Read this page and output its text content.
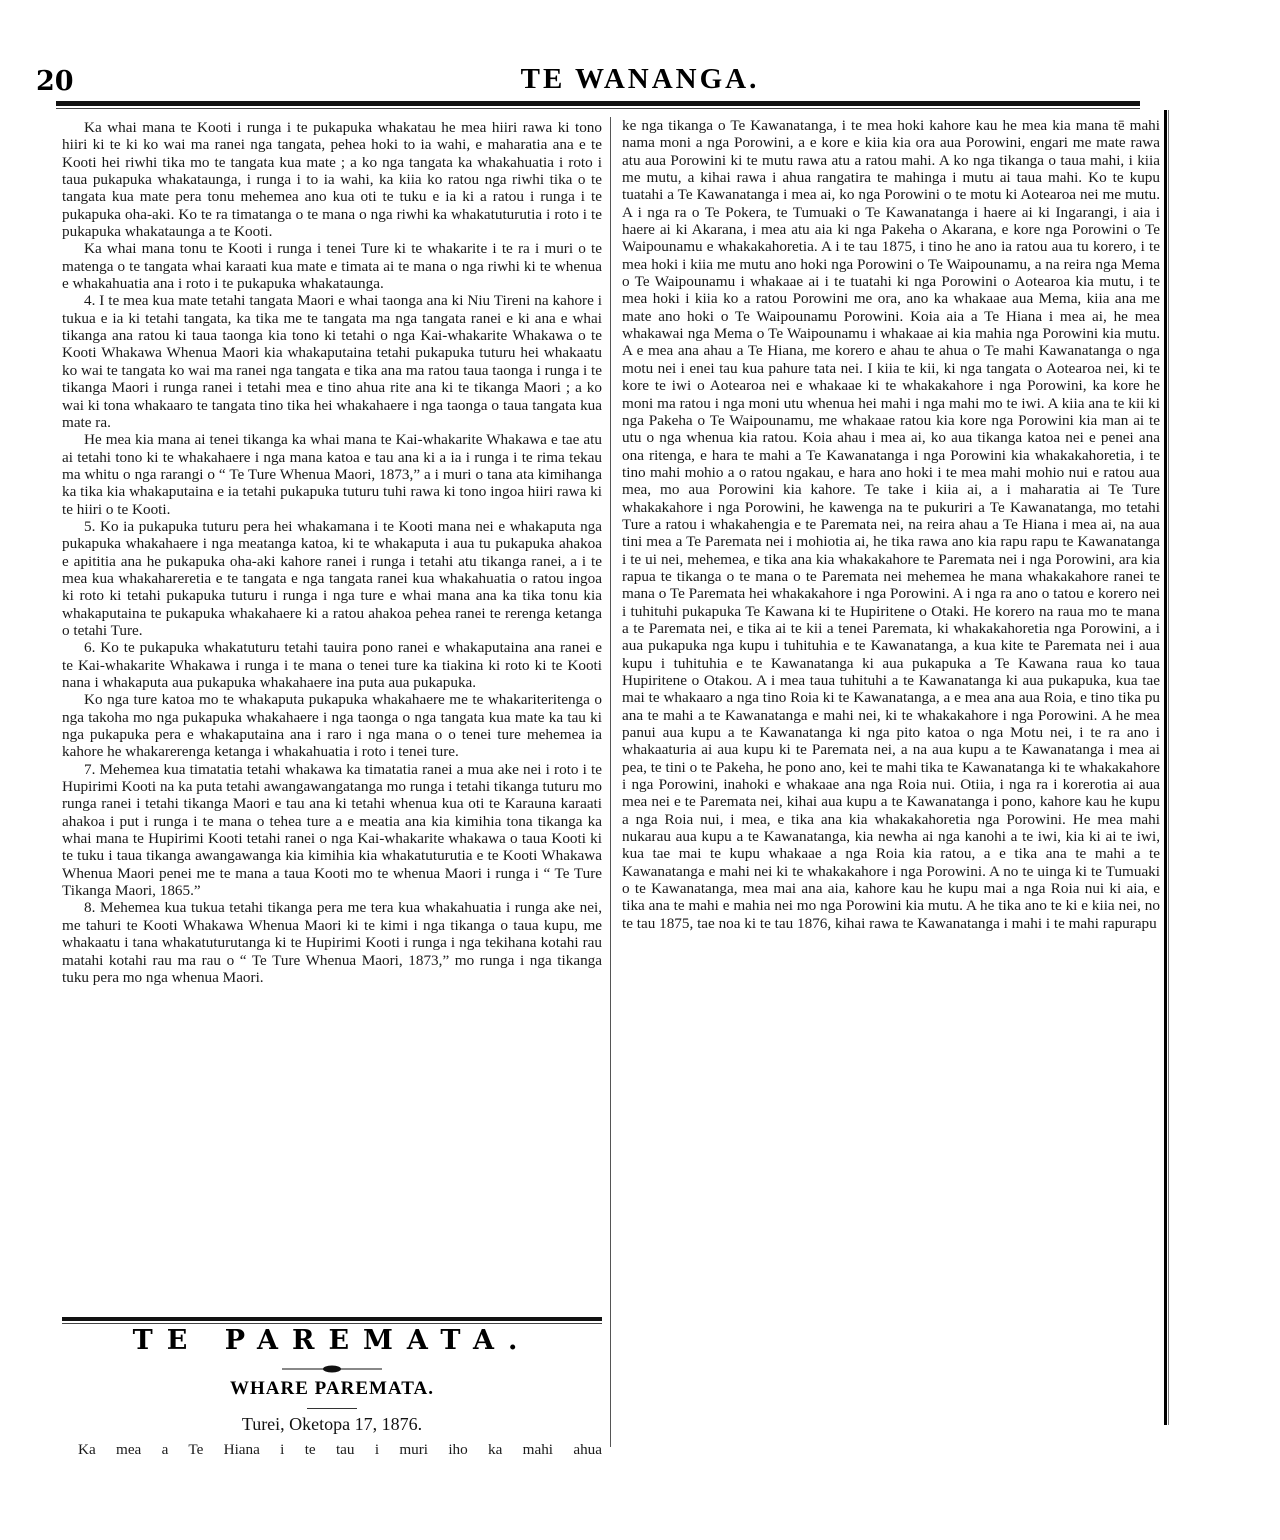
20	TE WANANGA.

Ka whai mana te Kooti i runga i te pukapuka whakatau he mea hiiri rawa ki tono hiiri ki te ki ko wai ma ranei nga tangata, pehea hoki to ia wahi, e maharatia ana e te Kooti hei riwhi tika mo te tangata kua mate ; a ko nga tangata ka whakahuatia i roto i taua pukapuka whakataunga, i runga i to ia wahi, ka kiia ko ratou nga riwhi tika o te tangata kua mate pera tonu mehemea ano kua oti te tuku e ia ki a ratou i runga i te pukapuka oha-aki. Ko te ra timatanga o te mana o nga riwhi ka whakatuturutia i roto i te pukapuka whakataunga a te Kooti.

Ka whai mana tonu te Kooti i runga i tenei Ture ki te whakarite i te ra i muri o te matenga o te tangata whai karaati kua mate e timata ai te mana o nga riwhi ki te whenua e whakahuatia ana i roto i te pukapuka whakataunga.

4. I te mea kua mate tetahi tangata Maori e whai taonga ana ki Niu Tireni na kahore i tukua e ia ki tetahi tangata, ka tika me te tangata ma nga tangata ranei e ki ana e whai tikanga ana ratou ki taua taonga kia tono ki tetahi o nga Kai-whakarite Whakawa o te Kooti Whakawa Whenua Maori kia whakaputaina tetahi pukapuka tuturu hei whakaatu ko wai te tangata ko wai ma ranei nga tangata e tika ana ma ratou taua taonga i runga i te tikanga Maori i runga ranei i tetahi mea e tino ahua rite ana ki te tikanga Maori ; a ko wai ki tona whakaaro te tangata tino tika hei whakahaere i nga taonga o taua tangata kua mate ra.

He mea kia mana ai tenei tikanga ka whai mana te Kai-whakarite Whakawa e tae atu ai tetahi tono ki te whakahaere i nga mana katoa e tau ana ki a ia i runga i te rima tekau ma whitu o nga rarangi o “ Te Ture Whenua Maori, 1873,” a i muri o tana ata kimihanga ka tika kia whakaputaina e ia tetahi pukapuka tuturu tuhi rawa ki tono ingoa hiiri rawa ki te hiiri o te Kooti.

5. Ko ia pukapuka tuturu pera hei whakamana i te Kooti mana nei e whakaputa nga pukapuka whakahaere i nga meatanga katoa, ki te whakaputa i aua tu pukapuka ahakoa e apititia ana he pukapuka oha-aki kahore ranei i runga i tetahi atu tikanga ranei, a i te mea kua whakahareretia e te tangata e nga tangata ranei kua whakahuatia o ratou ingoa ki roto ki tetahi pukapuka tuturu i runga i nga ture e whai mana ana ka tika tonu kia whakaputaina te pukapuka whakahaere ki a ratou ahakoa pehea ranei te rerenga ketanga o tetahi Ture.

6. Ko te pukapuka whakatuturu tetahi tauira pono ranei e whakaputaina ana ranei e te Kai-whakarite Whakawa i runga i te mana o tenei ture ka tiakina ki roto ki te Kooti nana i whakaputa aua pukapuka whakahaere ina puta aua pukapuka.

Ko nga ture katoa mo te whakaputa pukapuka whakahaere me te whakariteritenga o nga takoha mo nga pukapuka whakahaere i nga taonga o nga tangata kua mate ka tau ki nga pukapuka pera e whakaputaina ana i raro i nga mana o o tenei ture mehemea ia kahore he whakarerenga ketanga i whakahuatia i roto i tenei ture.

7. Mehemea kua timatatia tetahi whakawa ka timatatia ranei a mua ake nei i roto i te Hupirimi Kooti na ka puta tetahi awangawangatanga mo runga i tetahi tikanga tuturu mo runga ranei i tetahi tikanga Maori e tau ana ki tetahi whenua kua oti te Karauna karaati ahakoa i put i runga i te mana o tehea ture a e meatia ana kia kimihia tona tikanga ka whai mana te Hupirimi Kooti tetahi ranei o nga Kai-whakarite whakawa o taua Kooti ki te tuku i taua tikanga awangawanga kia kimihia kia whakatuturutia e te Kooti Whakawa Whenua Maori penei me te mana a taua Kooti mo te whenua Maori i runga i “ Te Ture Tikanga Maori, 1865.”

8. Mehemea kua tukua tetahi tikanga pera me tera kua whakahuatia i runga ake nei, me tahuri te Kooti Whakawa Whenua Maori ki te kimi i nga tikanga o taua kupu, me whakaatu i tana whakatuturutanga ki te Hupirimi Kooti i runga i nga tekihana kotahi rau matahi kotahi rau ma rau o “ Te Ture Whenua Maori, 1873,” mo runga i nga tikanga tuku pera mo nga whenua Maori.

TE PAREMATA.
WHARE PAREMATA.
Turei, Oketopa 17, 1876.
Ka mea a Te Hiana i te tau i muri iho ka mahi ahua

ke nga tikanga o Te Kawanatanga, i te mea hoki kahore kau he mea kia mana tē mahi nama moni a nga Porowini, a e kore e kiia kia ora aua Porowini, engari me mate rawa atu aua Porowini ki te mutu rawa atu a ratou mahi. A ko nga tikanga o taua mahi, i kiia me mutu, a kihai rawa i ahua rangatira te mahinga i mutu ai taua mahi. Ko te kupu tuatahi a Te Kawanatanga i mea ai, ko nga Porowini o te motu ki Aotearoa nei me mutu. A i nga ra o Te Pokera, te Tumuaki o Te Kawanatanga i haere ai ki Ingarangi, i aia i haere ai ki Akarana, i mea atu aia ki nga Pakeha o Akarana, e kore nga Porowini o Te Waipounamu e whakakahoretia. A i te tau 1875, i tino he ano ia ratou aua tu korero, i te mea hoki i kiia me mutu ano hoki nga Porowini o Te Waipounamu, a na reira nga Mema o Te Waipounamu i whakaae ai i te tuatahi ki nga Porowini o Aotearoa kia mutu, i te mea hoki i kiia ko a ratou Porowini me ora, ano ka whakaae aua Mema, kiia ana me mate ano hoki o Te Waipounamu Porowini. Koia aia a Te Hiana i mea ai, he mea whakawai nga Mema o Te Waipounamu i whakaae ai kia mahia nga Porowini kia mutu. A e mea ana ahau a Te Hiana, me korero e ahau te ahua o Te mahi Kawanatanga o nga motu nei i enei tau kua pahure tata nei. I kiia te kii, ki nga tangata o Aotearoa nei, ki te kore te iwi o Aotearoa nei e whakaae ki te whakakahore i nga Porowini, ka kore he moni ma ratou i nga moni utu whenua hei mahi i nga mahi mo te iwi. A kiia ana te kii ki nga Pakeha o Te Waipounamu, me whakaae ratou kia kore nga Porowini kia man ai te utu o nga whenua kia ratou. Koia ahau i mea ai, ko aua tikanga katoa nei e penei ana ona ritenga, e hara te mahi a Te Kawanatanga i nga Porowini kia whakakahoretia, i te tino mahi mohio a o ratou ngakau, e hara ano hoki i te mea mahi mohio nui e ratou aua mea, mo aua Porowini kia kahore. Te take i kiia ai, a i maharatia ai Te Ture whakakahore i nga Porowini, he kawenga na te pukuriri a Te Kawanatanga, mo tetahi Ture a ratou i whakahengia e te Paremata nei, na reira ahau a Te Hiana i mea ai, na aua tini mea a Te Paremata nei i mohiotia ai, he tika rawa ano kia rapu rapu te Kawanatanga i te ui nei, mehemea, e tika ana kia whakakahore te Paremata nei i nga Porowini, ara kia rapua te tikanga o te mana o te Paremata nei mehemea he mana whakakahore ranei te mana o Te Paremata hei whakakahore i nga Porowini. A i nga ra ano o tatou e korero nei i tuhituhi pukapuka Te Kawana ki te Hupiritene o Otaki. He korero na raua mo te mana a te Paremata nei, e tika ai te kii a tenei Paremata, ki whakakahoretia nga Porowini, a i aua pukapuka nga kupu i tuhituhia e te Kawanatanga, a kua kite te Paremata nei i aua kupu i tuhituhia e te Kawanatanga ki aua pukapuka a Te Kawana raua ko taua Hupiritene o Otakou. A i mea taua tuhituhi a te Kawanatanga ki aua pukapuka, kua tae mai te whakaaro a nga tino Roia ki te Kawanatanga, a e mea ana aua Roia, e tino tika pu ana te mahi a te Kawanatanga e mahi nei, ki te whakakahore i nga Porowini. A he mea panui aua kupu a te Kawanatanga ki nga pito katoa o nga Motu nei, i te ra ano i whakaaturia ai aua kupu ki te Paremata nei, a na aua kupu a te Kawanatanga i mea ai pea, te tini o te Pakeha, he pono ano, kei te mahi tika te Kawanatanga ki te whakakahore i nga Porowini, inahoki e whakaae ana nga Roia nui. Otiia, i nga ra i korerotia ai aua mea nei e te Paremata nei, kihai aua kupu a te Kawanatanga i pono, kahore kau he kupu a nga Roia nui, i mea, e tika ana kia whakakahoretia nga Porowini. He mea mahi nukarau aua kupu a te Kawanatanga, kia newha ai nga kanohi a te iwi, kia ki ai te iwi, kua tae mai te kupu whakaae a nga Roia kia ratou, a e tika ana te mahi a te Kawanatanga e mahi nei ki te whakakahore i nga Porowini. A no te uinga ki te Tumuaki o te Kawanatanga, mea mai ana aia, kahore kau he kupu mai a nga Roia nui ki aia, e tika ana te mahi e mahia nei mo nga Porowini kia mutu. A he tika ano te ki e kiia nei, no te tau 1875, tae noa ki te tau 1876, kihai rawa te Kawanatanga i mahi i te mahi rapurapu
